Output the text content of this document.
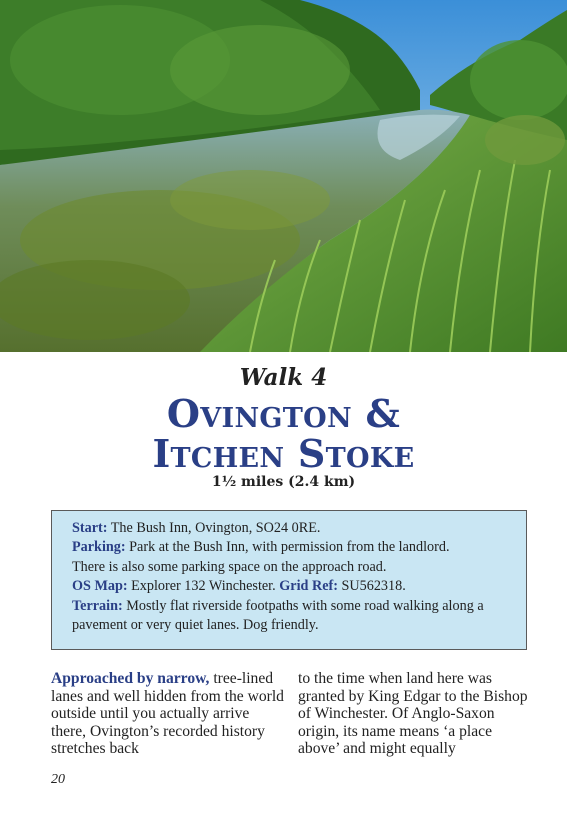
Walk 4
Ovington &
Itchen Stoke
1½ miles (2.4 km)

Start: The Bush Inn, Ovington, SO24 0RE.

Parking: Park at the Bush Inn, with permission from the landlord.
There is also some parking space on the approach road.

OS Map: Explorer 132 Winchester. Grid Ref: SU562318.

Terrain: Mostly flat riverside footpaths with some road walking along a pavement or very quiet lanes. Dog friendly.

Approached by narrow, tree-lined lanes and well hidden from the world outside until you actually arrive there, Ovington’s recorded history stretches back
to the time when land here was granted by King Edgar to the Bishop of Winchester. Of Anglo-Saxon origin, its name means ‘a place above’ and might equally
20
